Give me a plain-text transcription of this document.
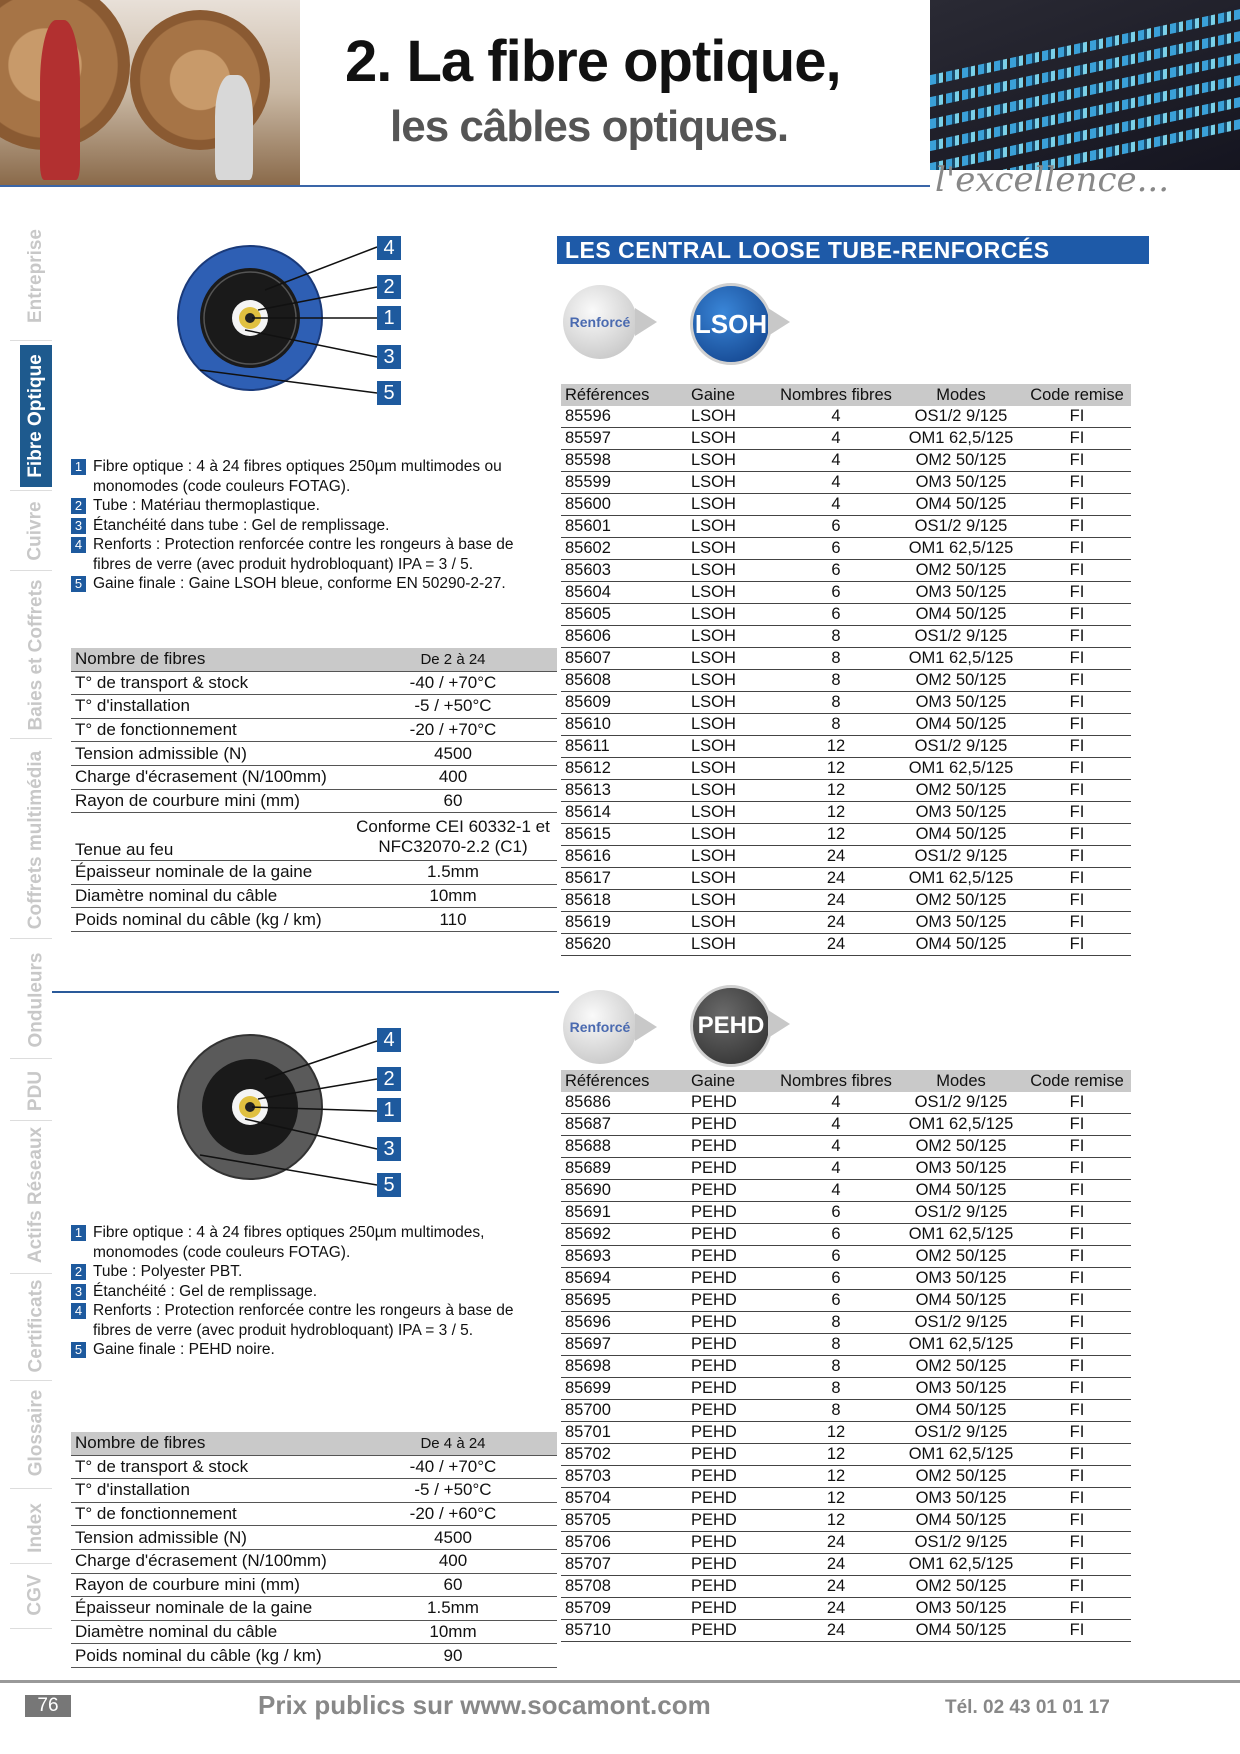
2. La fibre optique,
les câbles optiques.
l'excellence...
Entreprise
Fibre Optique
Cuivre
Baies et Coffrets
Coffrets multimédia
Onduleurs
PDU
Actifs Réseaux
Certificats
Glossaire
Index
CGV
4
2
1
3
5
1 Fibre optique : 4 à 24 fibres optiques 250µm multimodes ou monomodes (code couleurs FOTAG).
2 Tube : Matériau thermoplastique.
3 Étanchéité dans tube : Gel de remplissage.
4 Renforts : Protection renforcée contre les rongeurs à base de fibres de verre (avec produit hydrobloquant) IPA = 3 / 5.
5 Gaine finale : Gaine LSOH bleue, conforme EN 50290-2-27.
Nombre de fibres	De 2 à 24
T° de transport & stock	-40 / +70°C
T° d'installation	-5 / +50°C
T° de fonctionnement	-20 / +70°C
Tension admissible (N)	4500
Charge d'écrasement (N/100mm)	400
Rayon de courbure mini (mm)	60
Tenue au feu	Conforme CEI 60332-1 et NFC32070-2.2 (C1)
Épaisseur nominale de la gaine	1.5mm
Diamètre nominal du câble	10mm
Poids nominal du câble (kg / km)	110
4
2
1
3
5
1 Fibre optique : 4 à 24 fibres optiques 250µm multimodes, monomodes (code couleurs FOTAG).
2 Tube : Polyester PBT.
3 Étanchéité : Gel de remplissage.
4 Renforts : Protection renforcée contre les rongeurs à base de fibres de verre (avec produit hydrobloquant) IPA = 3 / 5.
5 Gaine finale : PEHD noire.
Nombre de fibres	De 4 à 24
T° de transport & stock	-40 / +70°C
T° d'installation	-5 / +50°C
T° de fonctionnement	-20 / +60°C
Tension admissible (N)	4500
Charge d'écrasement (N/100mm)	400
Rayon de courbure mini (mm)	60
Épaisseur nominale de la gaine	1.5mm
Diamètre nominal du câble	10mm
Poids nominal du câble (kg / km)	90
LES CENTRAL LOOSE TUBE-RENFORCÉS
Renforcé LSOH
Références	Gaine	Nombres fibres	Modes	Code remise
85596	LSOH	4	OS1/2 9/125	FI
85597	LSOH	4	OM1 62,5/125	FI
85598	LSOH	4	OM2 50/125	FI
85599	LSOH	4	OM3 50/125	FI
85600	LSOH	4	OM4 50/125	FI
85601	LSOH	6	OS1/2 9/125	FI
85602	LSOH	6	OM1 62,5/125	FI
85603	LSOH	6	OM2 50/125	FI
85604	LSOH	6	OM3 50/125	FI
85605	LSOH	6	OM4 50/125	FI
85606	LSOH	8	OS1/2 9/125	FI
85607	LSOH	8	OM1 62,5/125	FI
85608	LSOH	8	OM2 50/125	FI
85609	LSOH	8	OM3 50/125	FI
85610	LSOH	8	OM4 50/125	FI
85611	LSOH	12	OS1/2 9/125	FI
85612	LSOH	12	OM1 62,5/125	FI
85613	LSOH	12	OM2 50/125	FI
85614	LSOH	12	OM3 50/125	FI
85615	LSOH	12	OM4 50/125	FI
85616	LSOH	24	OS1/2 9/125	FI
85617	LSOH	24	OM1 62,5/125	FI
85618	LSOH	24	OM2 50/125	FI
85619	LSOH	24	OM3 50/125	FI
85620	LSOH	24	OM4 50/125	FI
Renforcé	PEHD
Références	Gaine	Nombres fibres	Modes	Code remise
85686	PEHD	4	OS1/2 9/125	FI
85687	PEHD	4	OM1 62,5/125	FI
85688	PEHD	4	OM2 50/125	FI
85689	PEHD	4	OM3 50/125	FI
85690	PEHD	4	OM4 50/125	FI
85691	PEHD	6	OS1/2 9/125	FI
85692	PEHD	6	OM1 62,5/125	FI
85693	PEHD	6	OM2 50/125	FI
85694	PEHD	6	OM3 50/125	FI
85695	PEHD	6	OM4 50/125	FI
85696	PEHD	8	OS1/2 9/125	FI
85697	PEHD	8	OM1 62,5/125	FI
85698	PEHD	8	OM2 50/125	FI
85699	PEHD	8	OM3 50/125	FI
85700	PEHD	8	OM4 50/125	FI
85701	PEHD	12	OS1/2 9/125	FI
85702	PEHD	12	OM1 62,5/125	FI
85703	PEHD	12	OM2 50/125	FI
85704	PEHD	12	OM3 50/125	FI
85705	PEHD	12	OM4 50/125	FI
85706	PEHD	24	OS1/2 9/125	FI
85707	PEHD	24	OM1 62,5/125	FI
85708	PEHD	24	OM2 50/125	FI
85709	PEHD	24	OM3 50/125	FI
85710	PEHD	24	OM4 50/125	FI
76	Prix publics sur www.socamont.com	Tél. 02 43 01 01 17
